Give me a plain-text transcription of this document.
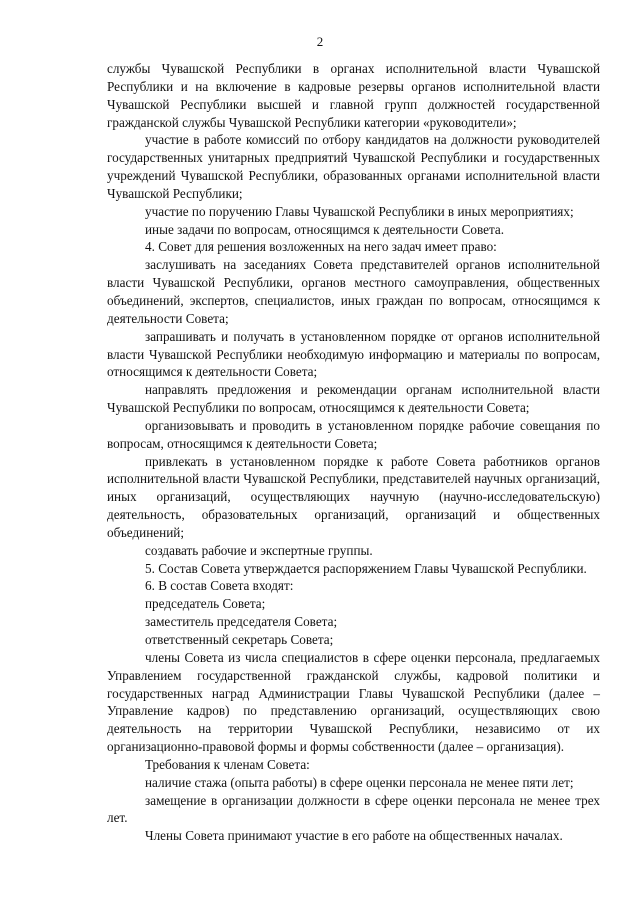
2

службы Чувашской Республики в органах исполнительной власти Чувашской Республики и на включение в кадровые резервы органов исполнительной власти Чувашской Республики высшей и главной групп должностей государственной гражданской службы Чувашской Республики категории «руководители»;

участие в работе комиссий по отбору кандидатов на должности руководителей государственных унитарных предприятий Чувашской Республики и государственных учреждений Чувашской Республики, образованных органами исполнительной власти Чувашской Республики;

участие по поручению Главы Чувашской Республики в иных мероприятиях;

иные задачи по вопросам, относящимся к деятельности Совета.

4. Совет для решения возложенных на него задач имеет право:

заслушивать на заседаниях Совета представителей органов исполнительной власти Чувашской Республики, органов местного самоуправления, общественных объединений, экспертов, специалистов, иных граждан по вопросам, относящимся к деятельности Совета;

запрашивать и получать в установленном порядке от органов исполнительной власти Чувашской Республики необходимую информацию и материалы по вопросам, относящимся к деятельности Совета;

направлять предложения и рекомендации органам исполнительной власти Чувашской Республики по вопросам, относящимся к деятельности Совета;

организовывать и проводить в установленном порядке рабочие совещания по вопросам, относящимся к деятельности Совета;

привлекать в установленном порядке к работе Совета работников органов исполнительной власти Чувашской Республики, представителей научных организаций, иных организаций, осуществляющих научную (научно-исследовательскую) деятельность, образовательных организаций, организаций и общественных объединений;

создавать рабочие и экспертные группы.

5. Состав Совета утверждается распоряжением Главы Чувашской Республики.

6. В состав Совета входят:

председатель Совета;

заместитель председателя Совета;

ответственный секретарь Совета;

члены Совета из числа специалистов в сфере оценки персонала, предлагаемых Управлением государственной гражданской службы, кадровой политики и государственных наград Администрации Главы Чувашской Республики (далее – Управление кадров) по представлению организаций, осуществляющих свою деятельность на территории Чувашской Республики, независимо от их организационно-правовой формы и формы собственности (далее – организация).

Требования к членам Совета:

наличие стажа (опыта работы) в сфере оценки персонала не менее пяти лет;

замещение в организации должности в сфере оценки персонала не менее трех лет.

Члены Совета принимают участие в его работе на общественных началах.
